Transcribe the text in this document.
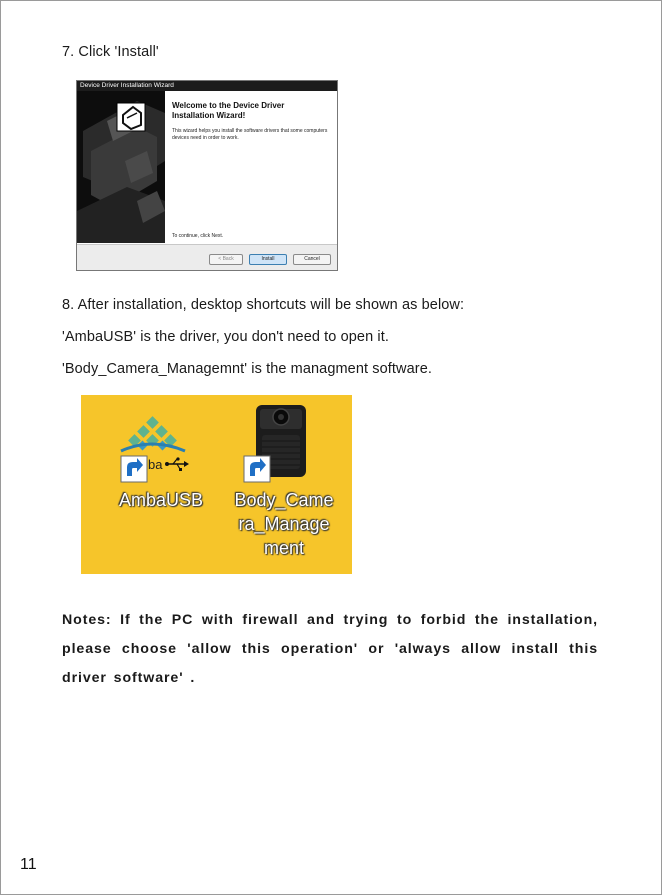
7. Click 'Install'
Device Driver Installation Wizard
Welcome to the Device Driver
Installation Wizard!
This wizard helps you install the software drivers that some computers devices need in order to work.
To continue, click Next.
< Back	Install	Cancel
8. After installation, desktop shortcuts will be shown as below:
'AmbaUSB' is the driver, you don't need to open it.
'Body_Camera_Managemnt' is the managment software.
ba
AmbaUSB	Body_Came
ra_Manage
ment
Notes: If the PC with firewall and trying to forbid the installation, please choose 'allow this operation' or 'always allow install this driver software' .
11
